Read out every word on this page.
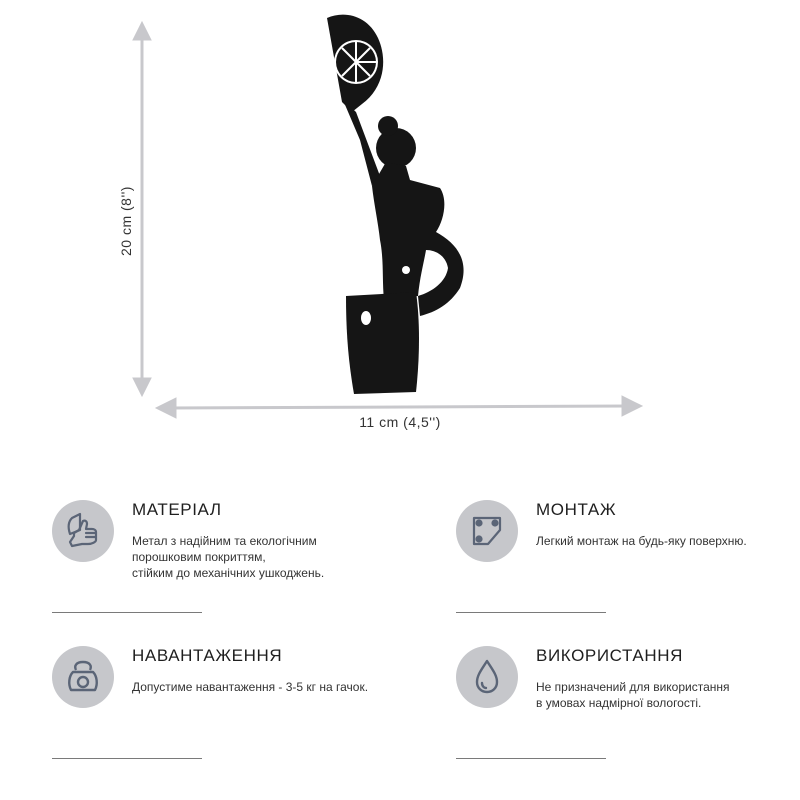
20 cm (8'')
11 cm (4,5'')
МАТЕРІАЛ
Метал з надійним та екологічним
порошковим покриттям,
стійким до механічних ушкоджень.
МОНТАЖ
Легкий монтаж на будь-яку поверхню.
НАВАНТАЖЕННЯ
Допустиме навантаження - 3-5 кг на гачок.
ВИКОРИСТАННЯ
Не призначений для використання
в умовах надмірної вологості.
